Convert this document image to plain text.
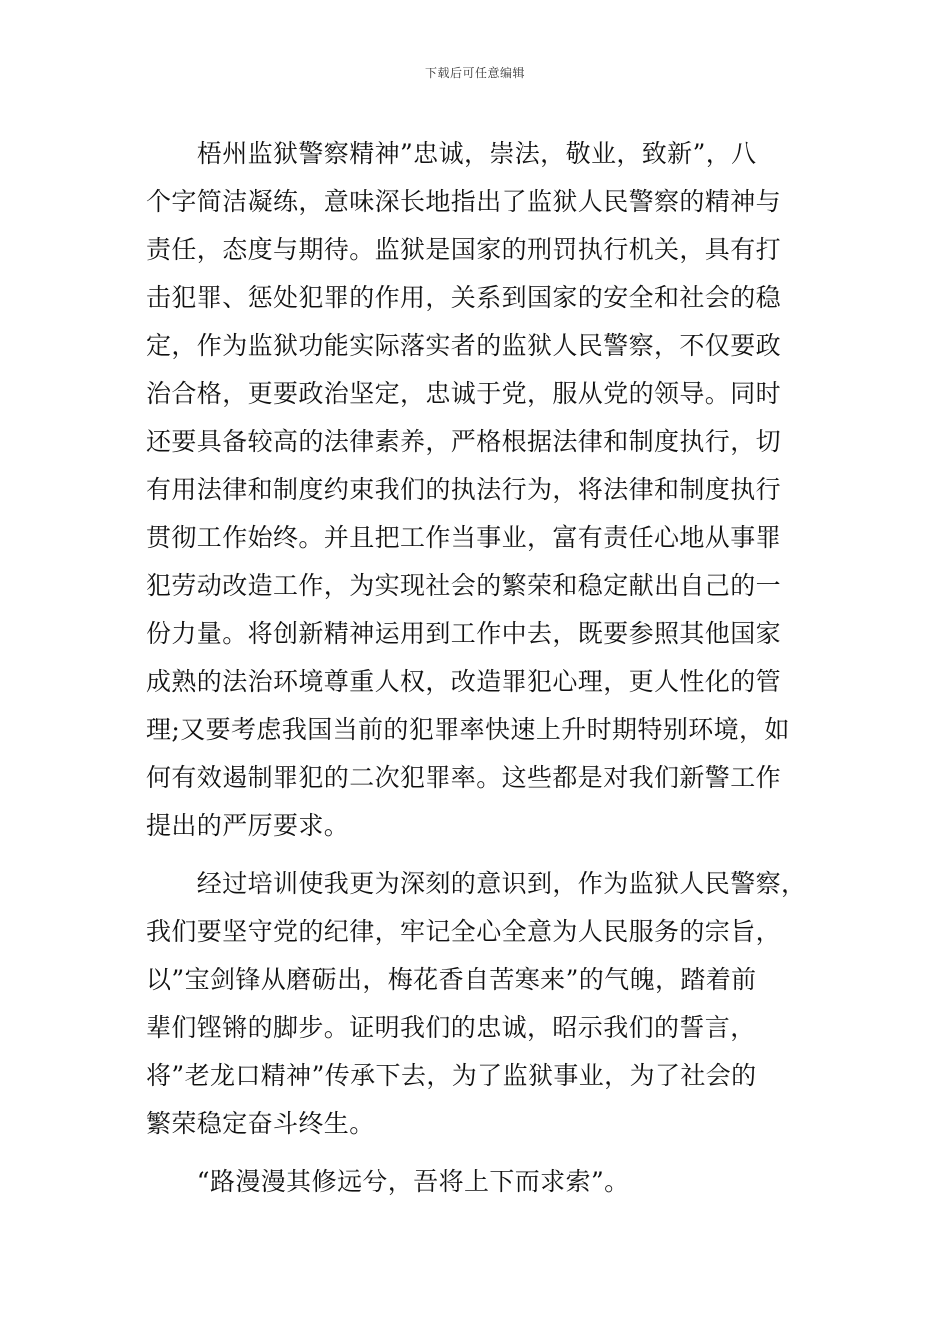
下载后可任意编辑
　　梧州监狱警察精神”忠诚，崇法，敬业，致新”，八
个字简洁凝练，意味深长地指出了监狱人民警察的精神与
责任，态度与期待。监狱是国家的刑罚执行机关，具有打
击犯罪、惩处犯罪的作用，关系到国家的安全和社会的稳
定，作为监狱功能实际落实者的监狱人民警察，不仅要政
治合格，更要政治坚定，忠诚于党，服从党的领导。同时
还要具备较高的法律素养，严格根据法律和制度执行，切
有用法律和制度约束我们的执法行为，将法律和制度执行
贯彻工作始终。并且把工作当事业，富有责任心地从事罪
犯劳动改造工作，为实现社会的繁荣和稳定献出自己的一
份力量。将创新精神运用到工作中去，既要参照其他国家
成熟的法治环境尊重人权，改造罪犯心理，更人性化的管
理;又要考虑我国当前的犯罪率快速上升时期特别环境，如
何有效遏制罪犯的二次犯罪率。这些都是对我们新警工作
提出的严厉要求。
　　经过培训使我更为深刻的意识到，作为监狱人民警察，
我们要坚守党的纪律，牢记全心全意为人民服务的宗旨，
以”宝剑锋从磨砺出，梅花香自苦寒来”的气魄，踏着前
辈们铿锵的脚步。证明我们的忠诚，昭示我们的誓言，
将”老龙口精神”传承下去，为了监狱事业，为了社会的
繁荣稳定奋斗终生。
　　“路漫漫其修远兮，吾将上下而求索”。
